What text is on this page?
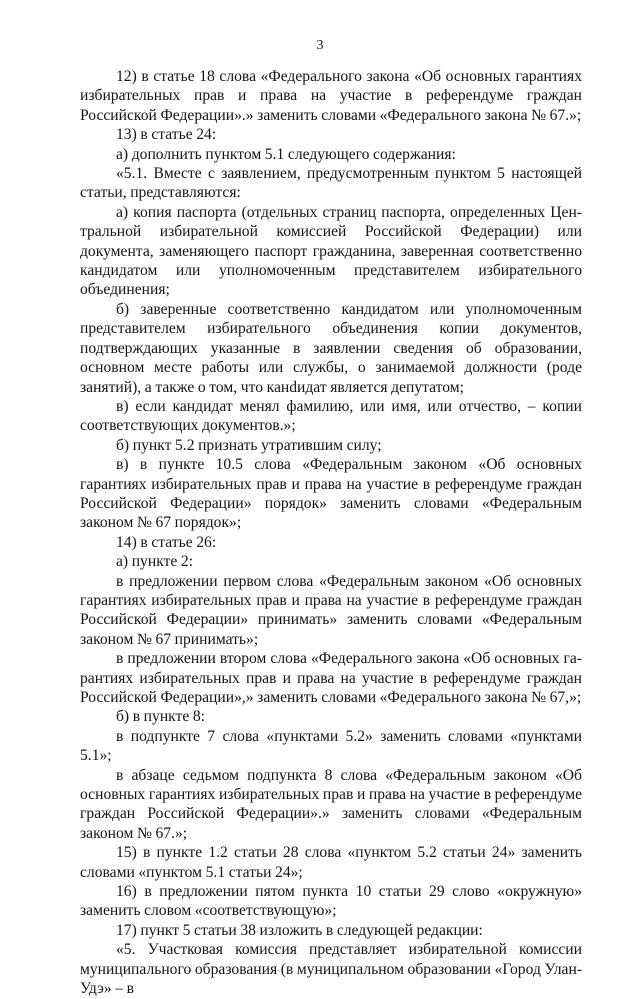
3

12) в статье 18 слова «Федерального закона «Об основных гарантиях избирательных прав и права на участие в референдуме граждан Российской Федерации».» заменить словами «Федерального закона № 67.»;

13) в статье 24:

а) дополнить пунктом 5.1 следующего содержания:

«5.1. Вместе с заявлением, предусмотренным пунктом 5 настоящей статьи, представляются:

а) копия паспорта (отдельных страниц паспорта, определенных Центральной избирательной комиссией Российской Федерации) или документа, заменяющего паспорт гражданина, заверенная соответственно кандидатом или уполномоченным представителем избирательного объединения;

б) заверенные соответственно кандидатом или уполномоченным представителем избирательного объединения копии документов, подтверждающих указанные в заявлении сведения об образовании, основном месте работы или службы, о занимаемой должности (роде занятий), а также о том, что канdидат является депутатом;

в) если кандидат менял фамилию, или имя, или отчество, – копии соответствующих документов.»;

б) пункт 5.2 признать утратившим силу;

в) в пункте 10.5 слова «Федеральным законом «Об основных гарантиях избирательных прав и права на участие в референдуме граждан Российской Федерации» порядок» заменить словами «Федеральным законом № 67 порядок»;

14) в статье 26:

а) пункте 2:

в предложении первом слова «Федеральным законом «Об основных гарантиях избирательных прав и права на участие в референдуме граждан Российской Федерации» принимать» заменить словами «Федеральным законом № 67 принимать»;

в предложении втором слова «Федерального закона «Об основных гарантиях избирательных прав и права на участие в референдуме граждан Российской Федерации»,» заменить словами «Федерального закона № 67,»;

б) в пункте 8:

в подпункте 7 слова «пунктами 5.2» заменить словами «пунктами 5.1»;

в абзаце седьмом подпункта 8 слова «Федеральным законом «Об основных гарантиях избирательных прав и права на участие в референдуме граждан Российской Федерации».» заменить словами «Федеральным законом № 67.»;

15) в пункте 1.2 статьи 28 слова «пунктом 5.2 статьи 24» заменить словами «пунктом 5.1 статьи 24»;

16) в предложении пятом пункта 10 статьи 29 слово «окружную» заменить словом «соответствующую»;

17) пункт 5 статьи 38 изложить в следующей редакции:

«5. Участковая комиссия представляет избирательной комиссии муниципального образования (в муниципальном образовании «Город Улан-Удэ» – в
